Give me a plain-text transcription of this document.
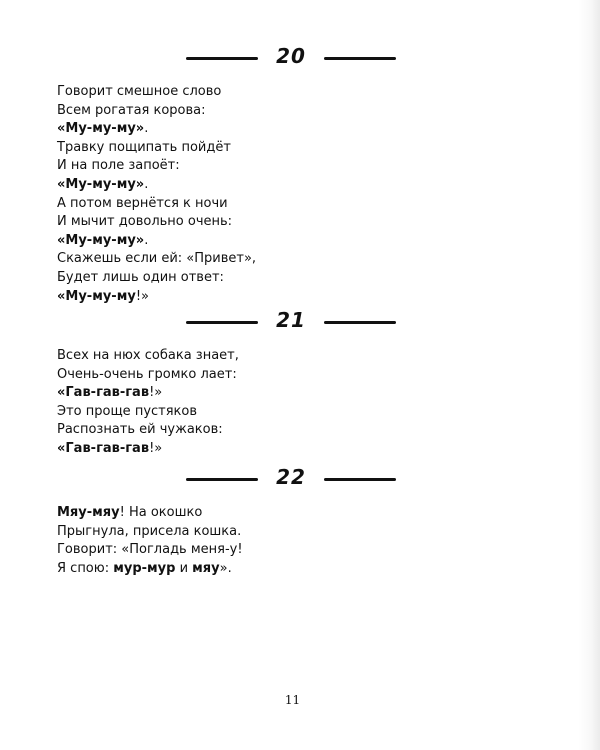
20
Говорит смешное слово
Всем рогатая корова:
«Му-му-му».
Травку пощипать пойдёт
И на поле запоёт:
«Му-му-му».
А потом вернётся к ночи
И мычит довольно очень:
«Му-му-му».
Скажешь если ей: «Привет»,
Будет лишь один ответ:
«Му-му-му!»
21
Всех на нюх собака знает,
Очень-очень громко лает:
«Гав-гав-гав!»
Это проще пустяков
Распознать ей чужаков:
«Гав-гав-гав!»
22
Мяу-мяу! На окошко
Прыгнула, присела кошка.
Говорит: «Погладь меня-у!
Я спою: мур-мур и мяу».
11
